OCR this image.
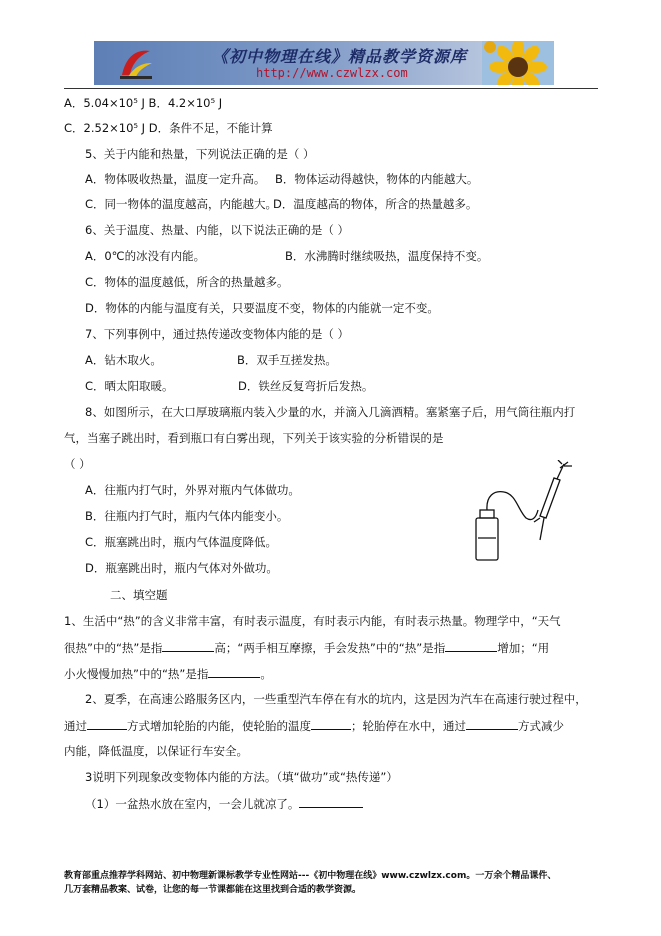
《初中物理在线》精品教学资源库
http://www.czwlzx.com
A．5.04×10⁵ J B．4.2×10⁵ J
C．2.52×10⁵ J D．条件不足，不能计算
5、关于内能和热量，下列说法正确的是（ ）
A．物体吸收热量，温度一定升高。 B．物体运动得越快，物体的内能越大。
C．同一物体的温度越高，内能越大。
D．温度越高的物体，所含的热量越多。
6、关于温度、热量、内能，以下说法正确的是（ ）
A．0℃的冰没有内能。	B．水沸腾时继续吸热，温度保持不变。
C．物体的温度越低，所含的热量越多。
D．物体的内能与温度有关，只要温度不变，物体的内能就一定不变。
7、下列事例中，通过热传递改变物体内能的是（ ）
A．钻木取火。	B．双手互搓发热。
C．晒太阳取暖。	D．铁丝反复弯折后发热。
8、如图所示，在大口厚玻璃瓶内装入少量的水，并滴入几滴酒精。塞紧塞子后，用气筒往瓶内打
气，当塞子跳出时，看到瓶口有白雾出现，下列关于该实验的分析错误的是
（ ）
A．往瓶内打气时，外界对瓶内气体做功。
B．往瓶内打气时，瓶内气体内能变小。
C．瓶塞跳出时，瓶内气体温度降低。
D．瓶塞跳出时，瓶内气体对外做功。
二、填空题
1、生活中“热”的含义非常丰富，有时表示温度，有时表示内能，有时表示热量。物理学中，“天气
很热”中的“热”是指	高；“两手相互摩擦，手会发热”中的“热”是指	增加；“用
小火慢慢加热”中的“热”是指	。
2、夏季，在高速公路服务区内，一些重型汽车停在有水的坑内，这是因为汽车在高速行驶过程中，
通过	方式增加轮胎的内能，使轮胎的温度	；轮胎停在水中，通过	方式减少
内能，降低温度，以保证行车安全。
3说明下列现象改变物体内能的方法。（填“做功”或“热传递”）
（1）一盆热水放在室内，一会儿就凉了。
教育部重点推荐学科网站、初中物理新课标教学专业性网站---《初中物理在线》www.czwlzx.com。一万余个精品课件、
几万套精品教案、试卷，让您的每一节课都能在这里找到合适的教学资源。
